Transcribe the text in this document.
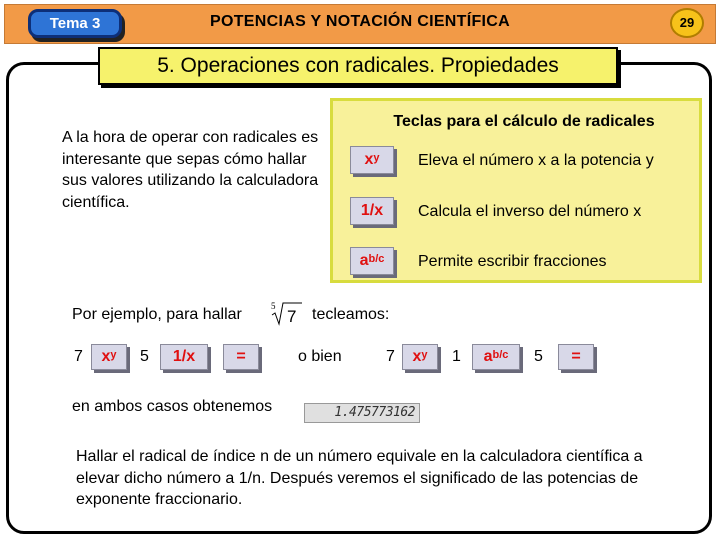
Tema 3	POTENCIAS Y NOTACIÓN CIENTÍFICA	29
5. Operaciones con radicales. Propiedades
A la hora de operar con radicales es interesante que sepas cómo hallar sus valores utilizando la calculadora científica.
Teclas para el cálculo de radicales
$x^y$ Eleva el número x a la potencia y
1/x Calcula el inverso del número x
$a^{b/c}$ Permite escribir fracciones
Por ejemplo, para hallar	5
7 tecleamos:
7 $x^y$ 5 1/x	=	o bien	7 $x^y$ 1 $a^{b/c}$ 5 =
en ambos casos obtenemos	1.475773162
Hallar el radical de índice n de un número equivale en la calculadora científica a elevar dicho número a 1/n. Después veremos el significado de las potencias de exponente fraccionario.
